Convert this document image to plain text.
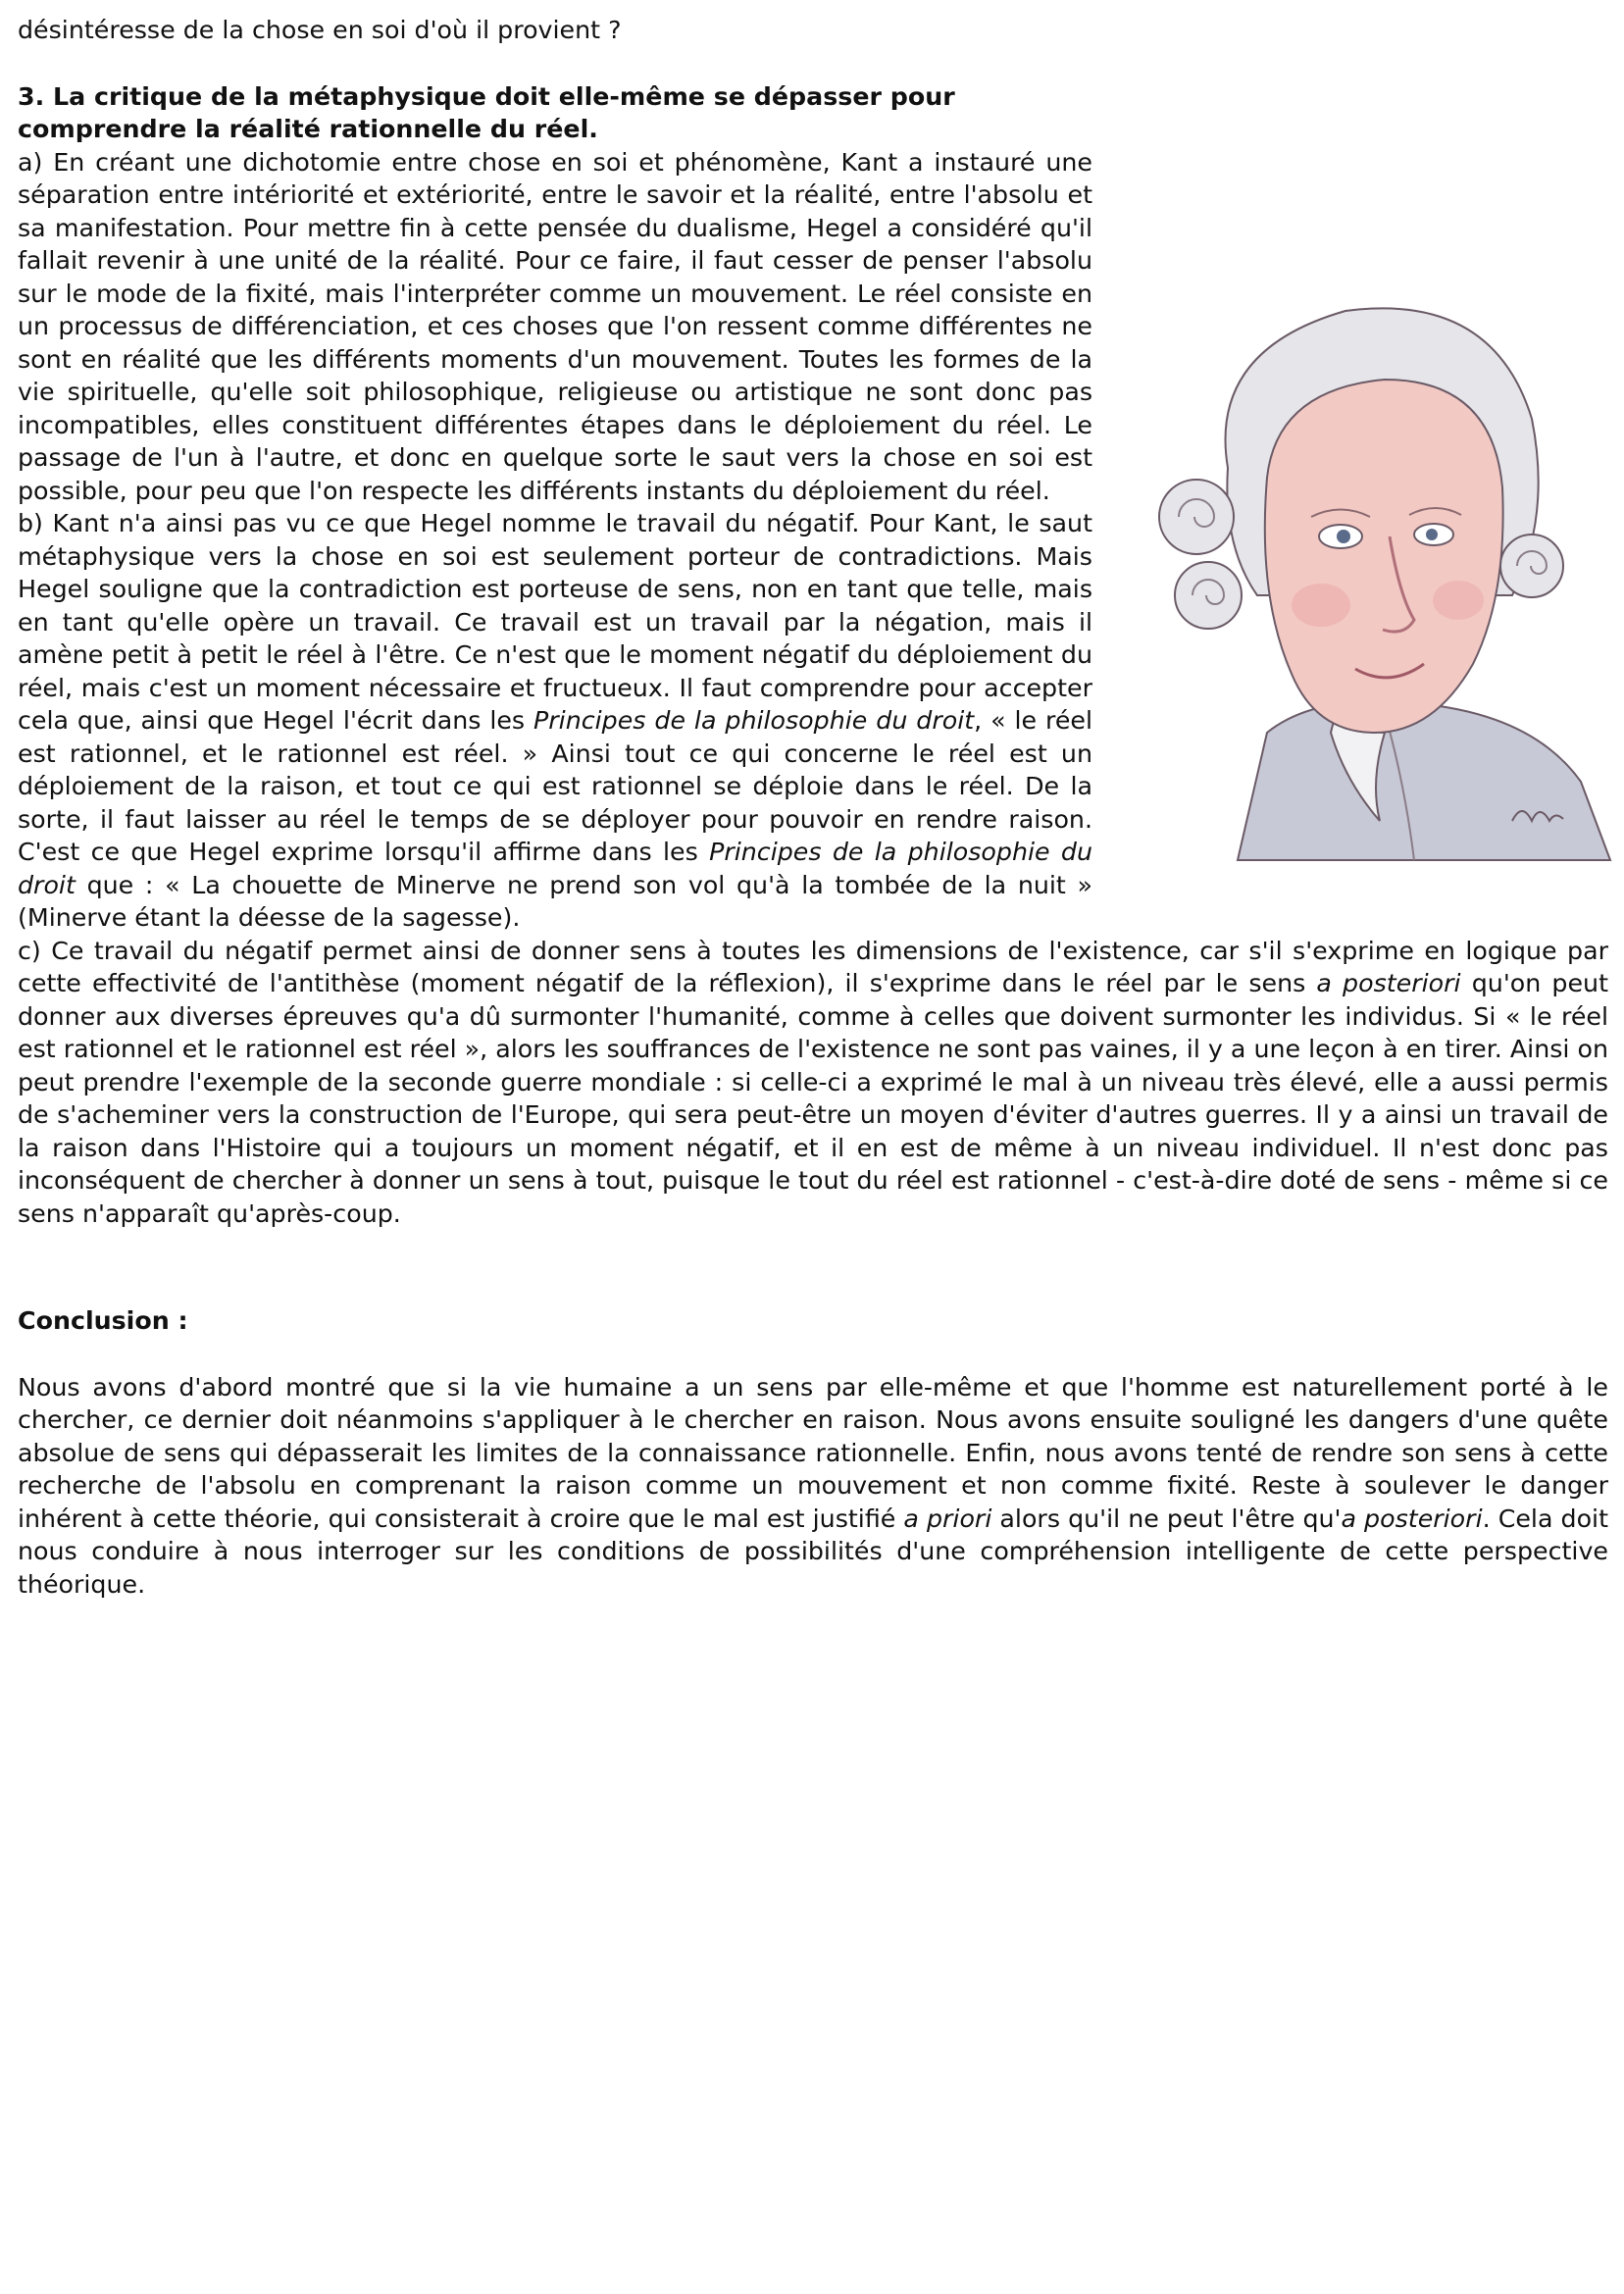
désintéresse de la chose en soi d'où il provient ?

3. La critique de la métaphysique doit elle-même se dépasser pour
comprendre la réalité rationnelle du réel.

a) En créant une dichotomie entre chose en soi et phénomène, Kant a instauré une séparation entre intériorité et extériorité, entre le savoir et la réalité, entre l'absolu et sa manifestation. Pour mettre fin à cette pensée du dualisme, Hegel a considéré qu'il fallait revenir à une unité de la réalité. Pour ce faire, il faut cesser de penser l'absolu sur le mode de la fixité, mais l'interpréter comme un mouvement. Le réel consiste en un processus de différenciation, et ces choses que l'on ressent comme différentes ne sont en réalité que les différents moments d'un mouvement. Toutes les formes de la vie spirituelle, qu'elle soit philosophique, religieuse ou artistique ne sont donc pas incompatibles, elles constituent différentes étapes dans le déploiement du réel. Le passage de l'un à l'autre, et donc en quelque sorte le saut vers la chose en soi est possible, pour peu que l'on respecte les différents instants du déploiement du réel.

b) Kant n'a ainsi pas vu ce que Hegel nomme le travail du négatif. Pour Kant, le saut métaphysique vers la chose en soi est seulement porteur de contradictions. Mais Hegel souligne que la contradiction est porteuse de sens, non en tant que telle, mais en tant qu'elle opère un travail. Ce travail est un travail par la négation, mais il amène petit à petit le réel à l'être. Ce n'est que le moment négatif du déploiement du réel, mais c'est un moment nécessaire et fructueux. Il faut comprendre pour accepter cela que, ainsi que Hegel l'écrit dans les Principes de la philosophie du droit, « le réel est rationnel, et le rationnel est réel. » Ainsi tout ce qui concerne le réel est un déploiement de la raison, et tout ce qui est rationnel se déploie dans le réel. De la sorte, il faut laisser au réel le temps de se déployer pour pouvoir en rendre raison. C'est ce que Hegel exprime lorsqu'il affirme dans les Principes de la philosophie du droit que : « La chouette de Minerve ne prend son vol qu'à la tombée de la nuit » (Minerve étant la déesse de la sagesse).

c) Ce travail du négatif permet ainsi de donner sens à toutes les dimensions de l'existence, car s'il s'exprime en logique par cette effectivité de l'antithèse (moment négatif de la réflexion), il s'exprime dans le réel par le sens a posteriori qu'on peut donner aux diverses épreuves qu'a dû surmonter l'humanité, comme à celles que doivent surmonter les individus. Si « le réel est rationnel et le rationnel est réel », alors les souffrances de l'existence ne sont pas vaines, il y a une leçon à en tirer. Ainsi on peut prendre l'exemple de la seconde guerre mondiale : si celle-ci a exprimé le mal à un niveau très élevé, elle a aussi permis de s'acheminer vers la construction de l'Europe, qui sera peut-être un moyen d'éviter d'autres guerres. Il y a ainsi un travail de la raison dans l'Histoire qui a toujours un moment négatif, et il en est de même à un niveau individuel. Il n'est donc pas inconséquent de chercher à donner un sens à tout, puisque le tout du réel est rationnel - c'est-à-dire doté de sens - même si ce sens n'apparaît qu'après-coup.

Conclusion :

Nous avons d'abord montré que si la vie humaine a un sens par elle-même et que l'homme est naturellement porté à le chercher, ce dernier doit néanmoins s'appliquer à le chercher en raison. Nous avons ensuite souligné les dangers d'une quête absolue de sens qui dépasserait les limites de la connaissance rationnelle. Enfin, nous avons tenté de rendre son sens à cette recherche de l'absolu en comprenant la raison comme un mouvement et non comme fixité. Reste à soulever le danger inhérent à cette théorie, qui consisterait à croire que le mal est justifié a priori alors qu'il ne peut l'être qu'a posteriori. Cela doit nous conduire à nous interroger sur les conditions de possibilités d'une compréhension intelligente de cette perspective théorique.
